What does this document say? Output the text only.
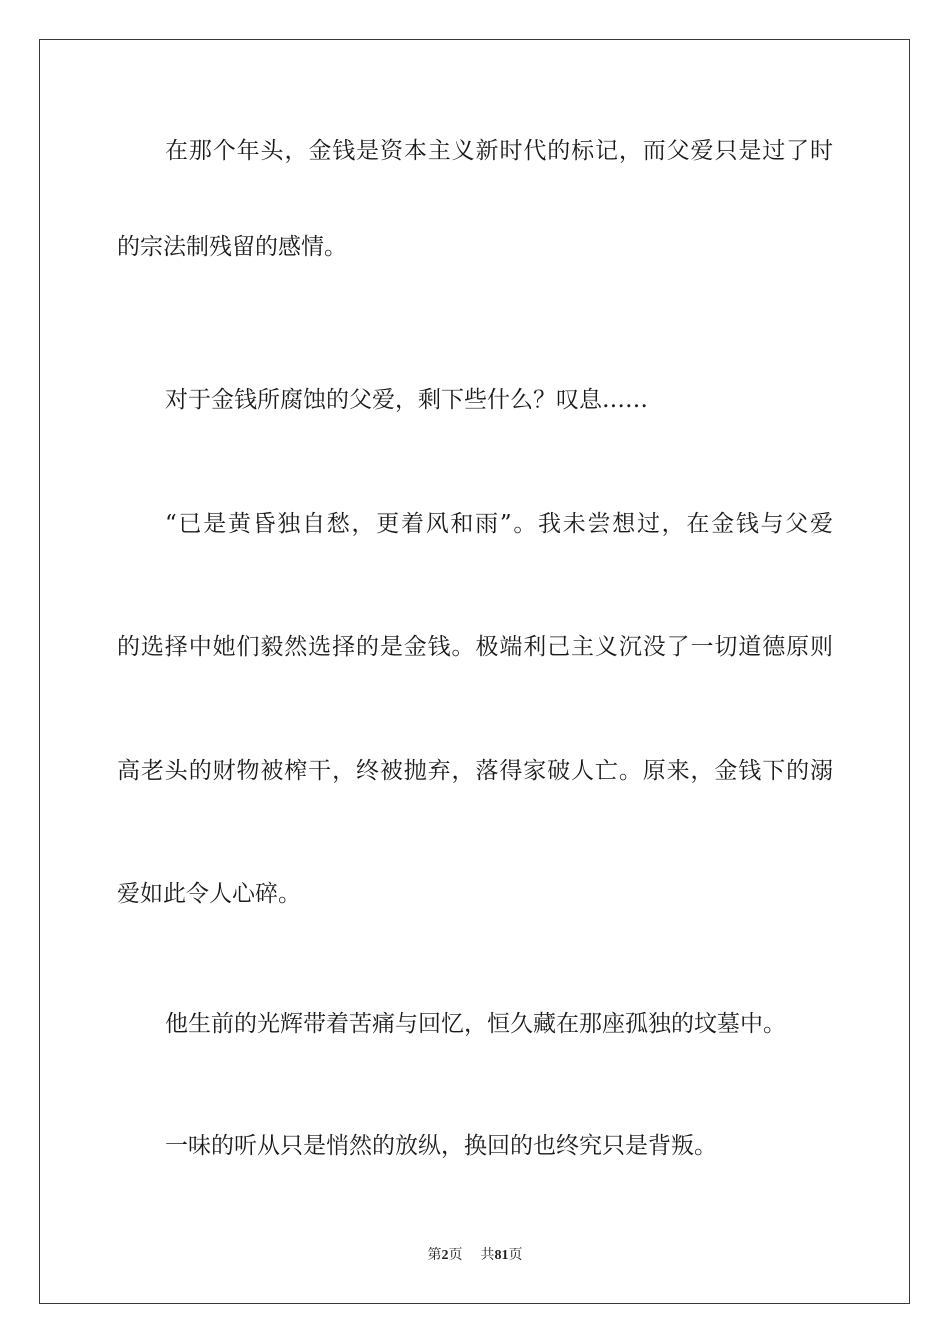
在那个年头，金钱是资本主义新时代的标记，而父爱只是过了时

的宗法制残留的感情。

对于金钱所腐蚀的父爱，剩下些什么？叹息……

“已是黄昏独自愁，更着风和雨”。我未尝想过，在金钱与父爱

的选择中她们毅然选择的是金钱。极端利己主义沉没了一切道德原则

高老头的财物被榨干，终被抛弃，落得家破人亡。原来，金钱下的溺

爱如此令人心碎。

他生前的光辉带着苦痛与回忆，恒久藏在那座孤独的坟墓中。

一味的听从只是悄然的放纵，换回的也终究只是背叛。

第2页 共81页
